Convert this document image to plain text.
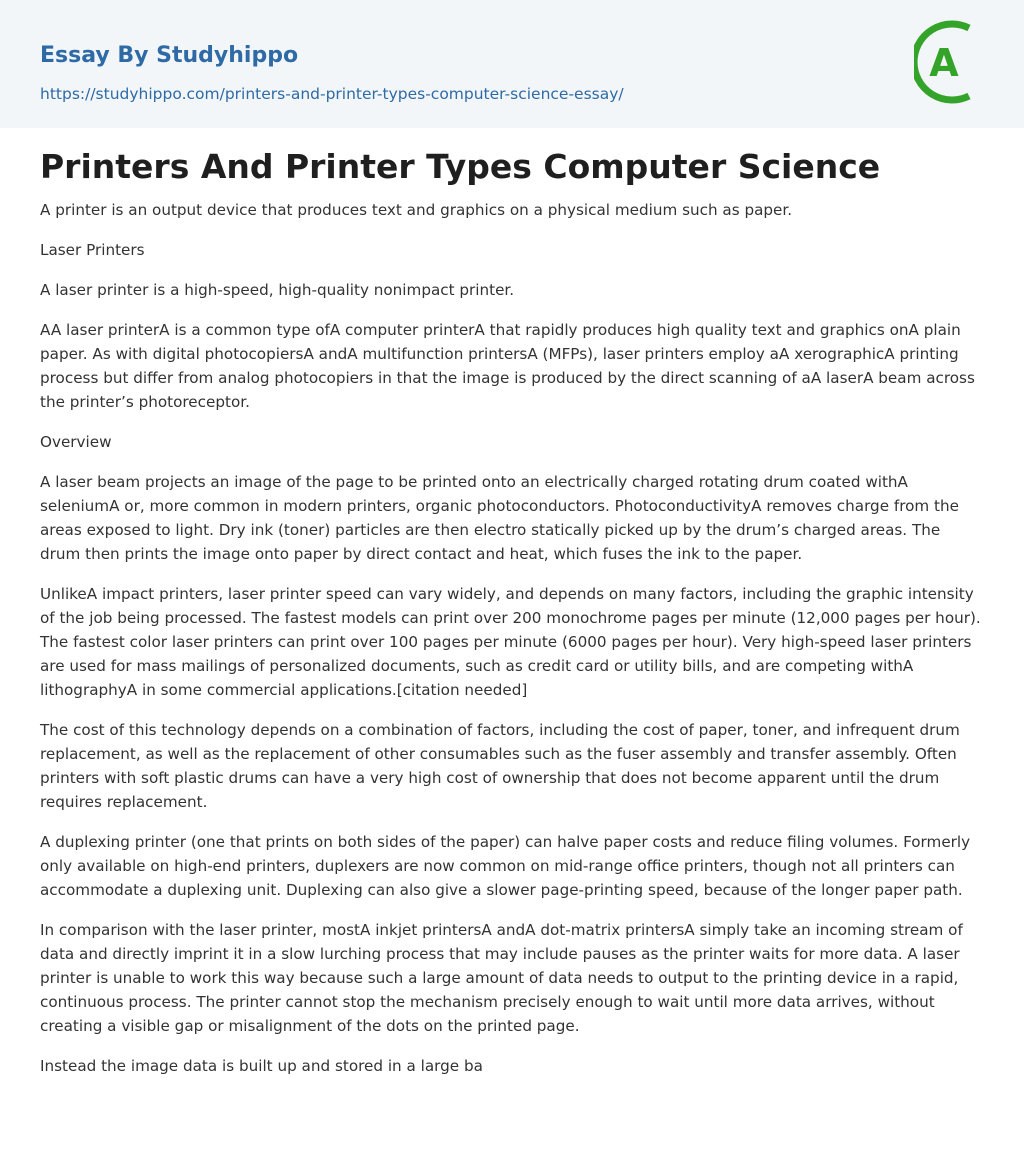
Essay By Studyhippo
https://studyhippo.com/printers-and-printer-types-computer-science-essay/
A
Printers And Printer Types Computer Science

A printer is an output device that produces text and graphics on a physical medium such as paper.

Laser Printers

A laser printer is a high-speed, high-quality nonimpact printer.

AA laser printerA is a common type ofA computer printerA that rapidly produces high quality text and graphics onA plain paper. As with digital photocopiersA andA multifunction printersA (MFPs), laser printers employ aA xerographicA printing process but differ from analog photocopiers in that the image is produced by the direct scanning of aA laserA beam across the printer’s photoreceptor.

Overview

A laser beam projects an image of the page to be printed onto an electrically charged rotating drum coated withA seleniumA or, more common in modern printers, organic photoconductors. PhotoconductivityA removes charge from the areas exposed to light. Dry ink (toner) particles are then electro statically picked up by the drum’s charged areas. The drum then prints the image onto paper by direct contact and heat, which fuses the ink to the paper.

UnlikeA impact printers, laser printer speed can vary widely, and depends on many factors, including the graphic intensity of the job being processed. The fastest models can print over 200 monochrome pages per minute (12,000 pages per hour). The fastest color laser printers can print over 100 pages per minute (6000 pages per hour). Very high-speed laser printers are used for mass mailings of personalized documents, such as credit card or utility bills, and are competing withA lithographyA in some commercial applications.[citation needed]

The cost of this technology depends on a combination of factors, including the cost of paper, toner, and infrequent drum replacement, as well as the replacement of other consumables such as the fuser assembly and transfer assembly. Often printers with soft plastic drums can have a very high cost of ownership that does not become apparent until the drum requires replacement.

A duplexing printer (one that prints on both sides of the paper) can halve paper costs and reduce filing volumes. Formerly only available on high-end printers, duplexers are now common on mid-range office printers, though not all printers can accommodate a duplexing unit. Duplexing can also give a slower page-printing speed, because of the longer paper path.

In comparison with the laser printer, mostA inkjet printersA andA dot-matrix printersA simply take an incoming stream of data and directly imprint it in a slow lurching process that may include pauses as the printer waits for more data. A laser printer is unable to work this way because such a large amount of data needs to output to the printing device in a rapid, continuous process. The printer cannot stop the mechanism precisely enough to wait until more data arrives, without creating a visible gap or misalignment of the dots on the printed page.

Instead the image data is built up and stored in a large ba
